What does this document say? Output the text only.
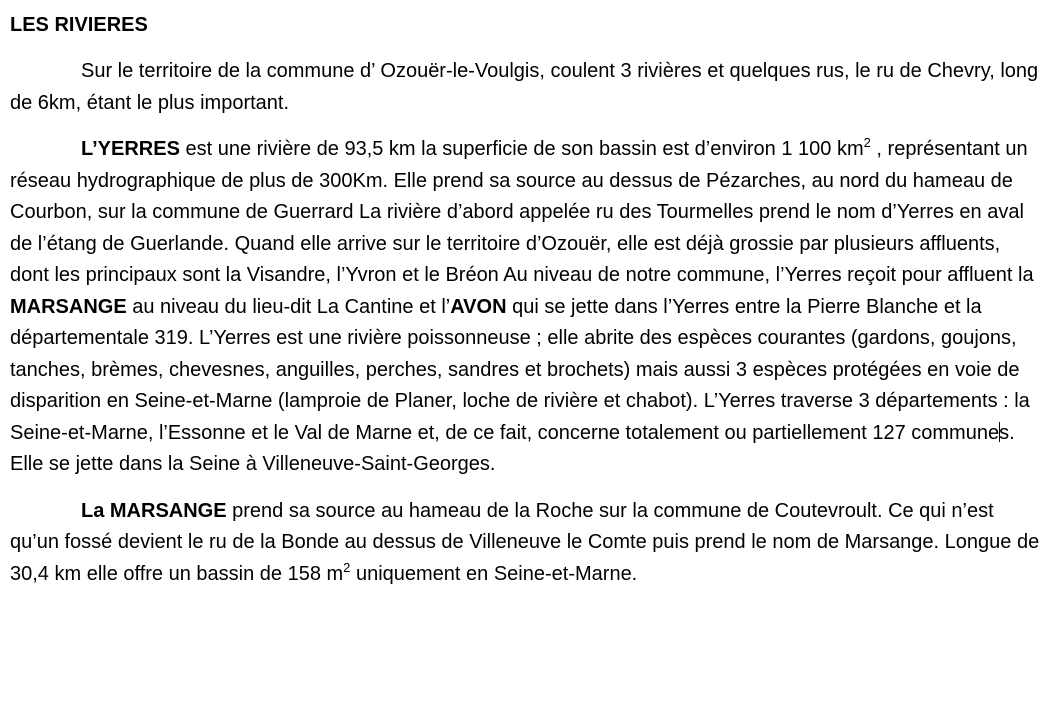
LES RIVIERES

Sur le territoire de la commune d’ Ozouër-le-Voulgis, coulent 3 rivières et quelques rus, le ru de Chevry, long de 6km, étant le plus important.

L’YERRES est une rivière de 93,5 km la superficie de son bassin est d’environ 1 100 $km^2$ , représentant un réseau hydrographique de plus de 300Km. Elle prend sa source au dessus de Pézarches, au nord du hameau de Courbon, sur la commune de Guerrard La rivière d’abord appelée ru des Tourmelles prend le nom d’Yerres en aval de l’étang de Guerlande. Quand elle arrive sur le territoire d’Ozouër, elle est déjà grossie par plusieurs affluents, dont les principaux sont la Visandre, l’Yvron et le Bréon Au niveau de notre commune, l’Yerres reçoit pour affluent la MARSANGE au niveau du lieu-dit La Cantine et l’AVON qui se jette dans l’Yerres entre la Pierre Blanche et la départementale 319. L’Yerres est une rivière poissonneuse ; elle abrite des espèces courantes (gardons, goujons, tanches, brèmes, chevesnes, anguilles, perches, sandres et brochets) mais aussi 3 espèces protégées en voie de disparition en Seine-et-Marne (lamproie de Planer, loche de rivière et chabot). L’Yerres traverse 3 départements : la Seine-et-Marne, l’Essonne et le Val de Marne et, de ce fait, concerne totalement ou partiellement 127 communes. Elle se jette dans la Seine à Villeneuve-Saint-Georges.

La MARSANGE prend sa source au hameau de la Roche sur la commune de Coutevroult. Ce qui n’est qu’un fossé devient le ru de la Bonde au dessus de Villeneuve le Comte puis prend le nom de Marsange. Longue de 30,4 km elle offre un bassin de 158 $m^2$ uniquement en Seine-et-Marne.
